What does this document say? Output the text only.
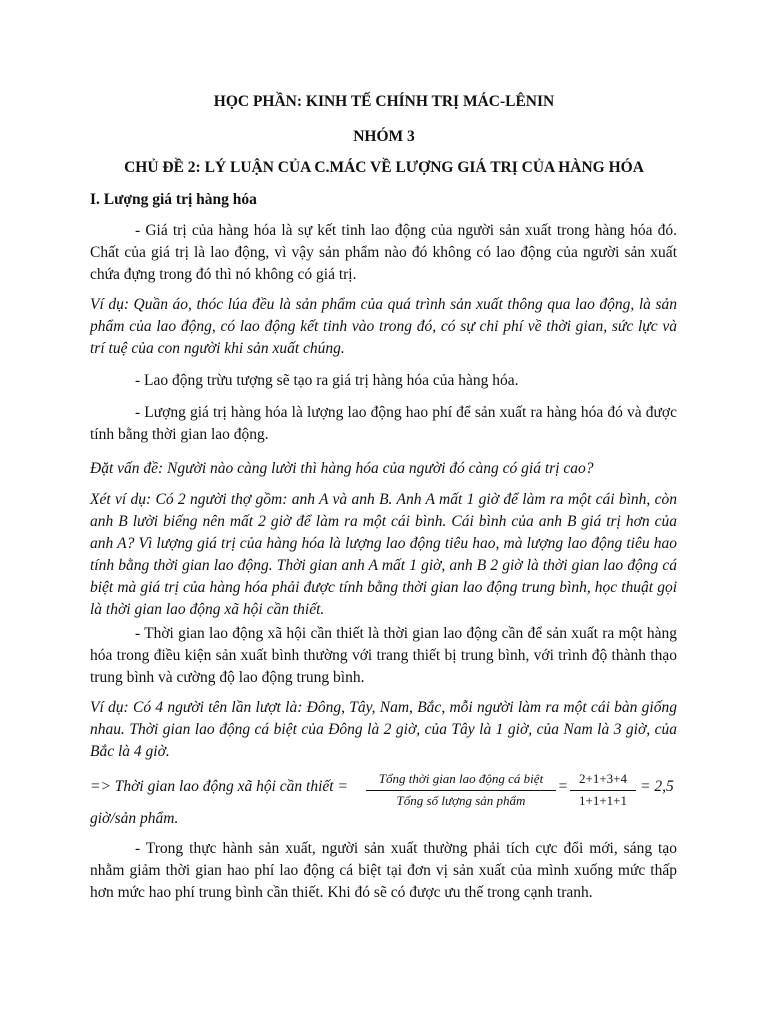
HỌC PHẦN: KINH TẾ CHÍNH TRỊ MÁC-LÊNIN
NHÓM 3
CHỦ ĐỀ 2: LÝ LUẬN CỦA C.MÁC VỀ LƯỢNG GIÁ TRỊ CỦA HÀNG HÓA
I. Lượng giá trị hàng hóa

- Giá trị của hàng hóa là sự kết tinh lao động của người sản xuất trong hàng hóa đó. Chất của giá trị là lao động, vì vậy sản phẩm nào đó không có lao động của người sản xuất chứa đựng trong đó thì nó không có giá trị.

Ví dụ: Quần áo, thóc lúa đều là sản phẩm của quá trình sản xuất thông qua lao động, là sản phẩm của lao động, có lao động kết tinh vào trong đó, có sự chi phí về thời gian, sức lực và trí tuệ của con người khi sản xuất chúng.

- Lao động trừu tượng sẽ tạo ra giá trị hàng hóa của hàng hóa.

- Lượng giá trị hàng hóa là lượng lao động hao phí để sản xuất ra hàng hóa đó và được tính bằng thời gian lao động.

Đặt vấn đề: Người nào càng lười thì hàng hóa của người đó càng có giá trị cao?

Xét ví dụ: Có 2 người thợ gồm: anh A và anh B. Anh A mất 1 giờ để làm ra một cái bình, còn anh B lười biếng nên mất 2 giờ để làm ra một cái bình. Cái bình của anh B giá trị hơn của anh A? Vì lượng giá trị của hàng hóa là lượng lao động tiêu hao, mà lượng lao động tiêu hao tính bằng thời gian lao động. Thời gian anh A mất 1 giờ, anh B 2 giờ là thời gian lao động cá biệt mà giá trị của hàng hóa phải được tính bằng thời gian lao động trung bình, học thuật gọi là thời gian lao động xã hội cần thiết.

- Thời gian lao động xã hội cần thiết là thời gian lao động cần để sản xuất ra một hàng hóa trong điều kiện sản xuất bình thường với trang thiết bị trung bình, với trình độ thành thạo trung bình và cường độ lao động trung bình.

Ví dụ: Có 4 người tên lần lượt là: Đông, Tây, Nam, Bắc, mỗi người làm ra một cái bàn giống nhau. Thời gian lao động cá biệt của Đông là 2 giờ, của Tây là 1 giờ, của Nam là 3 giờ, của Bắc là 4 giờ.

=> Thời gian lao động xã hội cần thiết =	Tổng thời gian lao động cá biệt
Tổng số lượng sản phẩm
= 2+1+3+4
1+1+1+1
= 2,5
giờ/sản phẩm.

- Trong thực hành sản xuất, người sản xuất thường phải tích cực đổi mới, sáng tạo nhằm giảm thời gian hao phí lao động cá biệt tại đơn vị sản xuất của mình xuống mức thấp hơn mức hao phí trung bình cần thiết. Khi đó sẽ có được ưu thế trong cạnh tranh.
